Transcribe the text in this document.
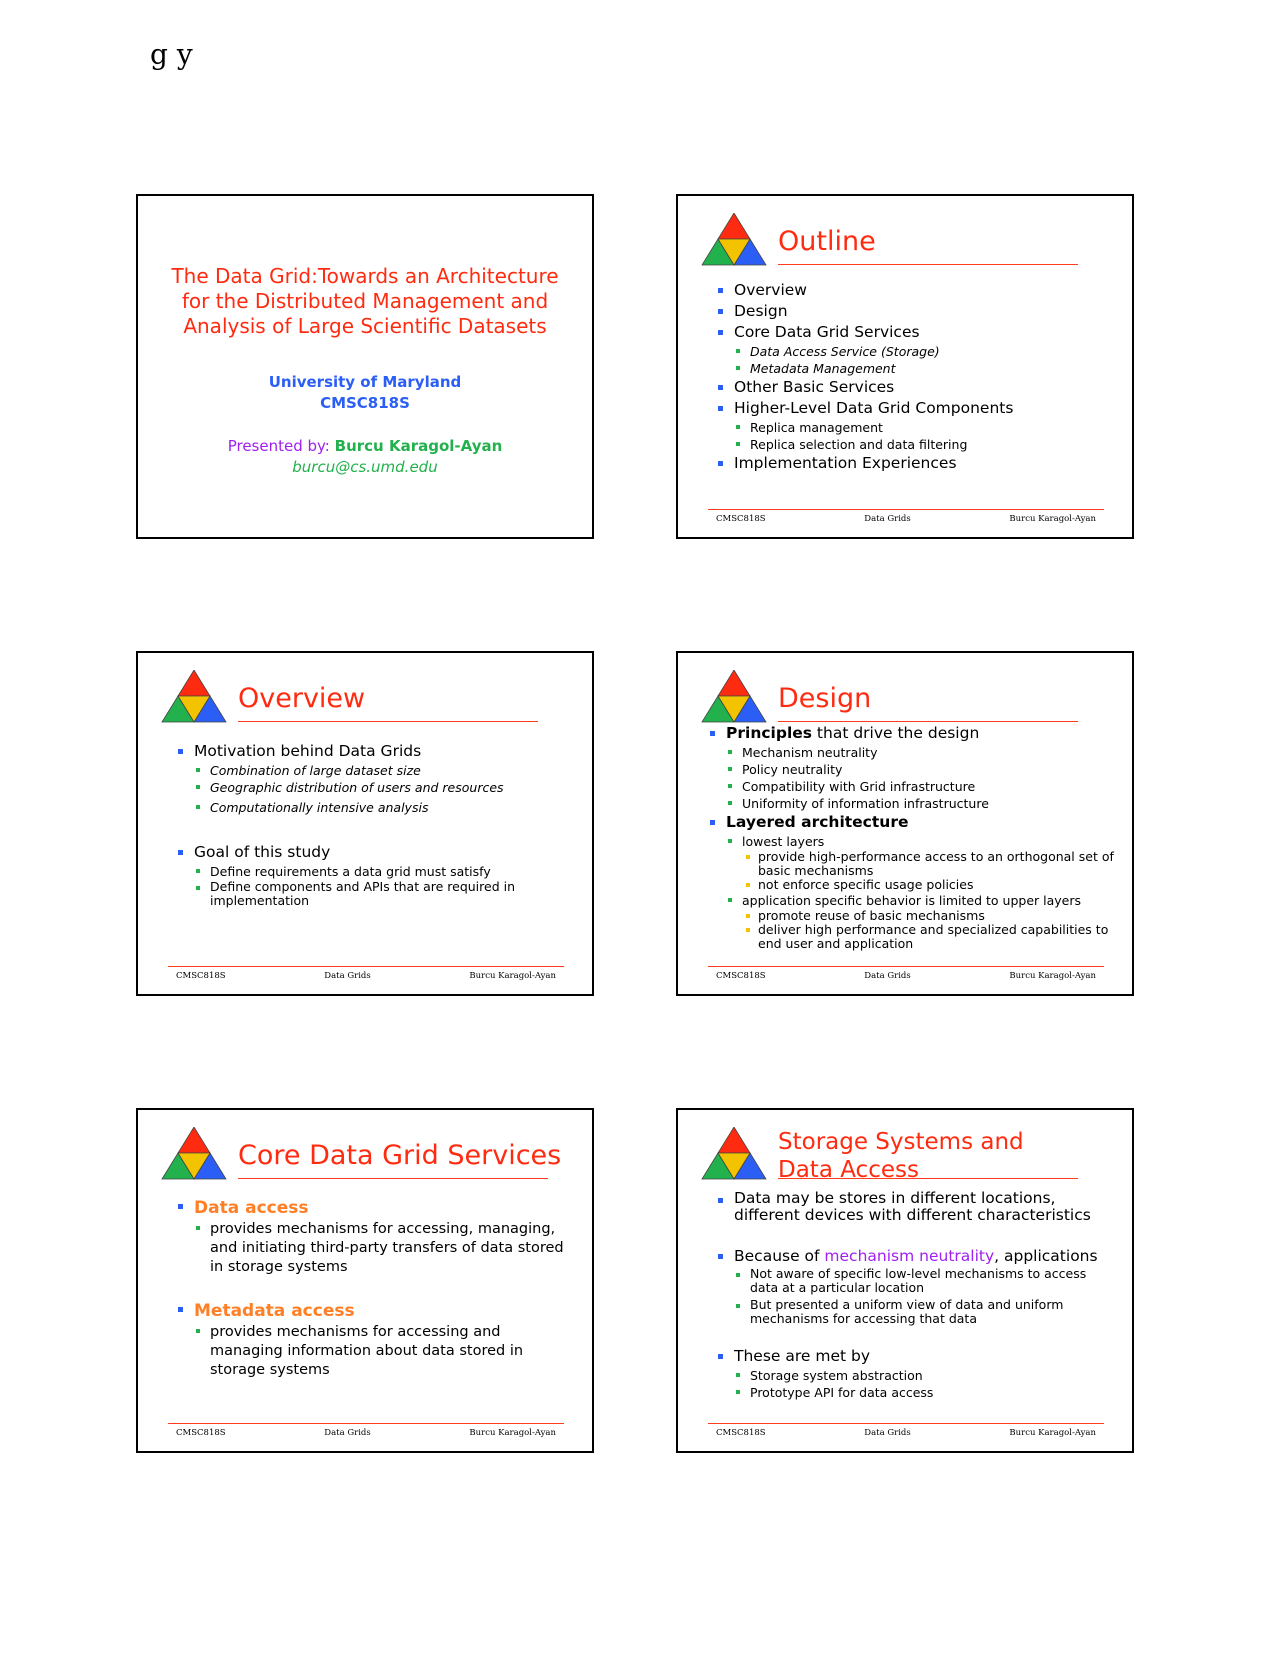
g y
The Data Grid:Towards an Architecture
for the Distributed Management and
Analysis of Large Scientific Datasets
University of Maryland
CMSC818S
Presented by: Burcu Karagol-Ayan
burcu@cs.umd.edu
Outline
Overview
Design
Core Data Grid Services
Data Access Service (Storage)
Metadata Management
Other Basic Services
Higher-Level Data Grid Components
Replica management
Replica selection and data filtering
Implementation Experiences
CMSC818S	Data Grids	Burcu Karagol-Ayan
Overview
Motivation behind Data Grids
Combination of large dataset size
Geographic distribution of users and resources
Computationally intensive analysis
Goal of this study
Define requirements a data grid must satisfy
Define components and APIs that are required in implementation
CMSC818S	Data Grids	Burcu Karagol-Ayan
Design
Principles that drive the design
Mechanism neutrality
Policy neutrality
Compatibility with Grid infrastructure
Uniformity of information infrastructure
Layered architecture
lowest layers
provide high-performance access to an orthogonal set of basic mechanisms
not enforce specific usage policies
application specific behavior is limited to upper layers
promote reuse of basic mechanisms
deliver high performance and specialized capabilities to end user and application
CMSC818S	Data Grids	Burcu Karagol-Ayan
Core Data Grid Services
Data access
provides mechanisms for accessing, managing, and initiating third-party transfers of data stored in storage systems
Metadata access
provides mechanisms for accessing and managing information about data stored in storage systems
CMSC818S	Data Grids	Burcu Karagol-Ayan
Storage Systems and
Data Access
Data may be stores in different locations, different devices with different characteristics
Because of mechanism neutrality, applications
Not aware of specific low-level mechanisms to access data at a particular location
But presented a uniform view of data and uniform mechanisms for accessing that data
These are met by
Storage system abstraction
Prototype API for data access
CMSC818S	Data Grids	Burcu Karagol-Ayan
